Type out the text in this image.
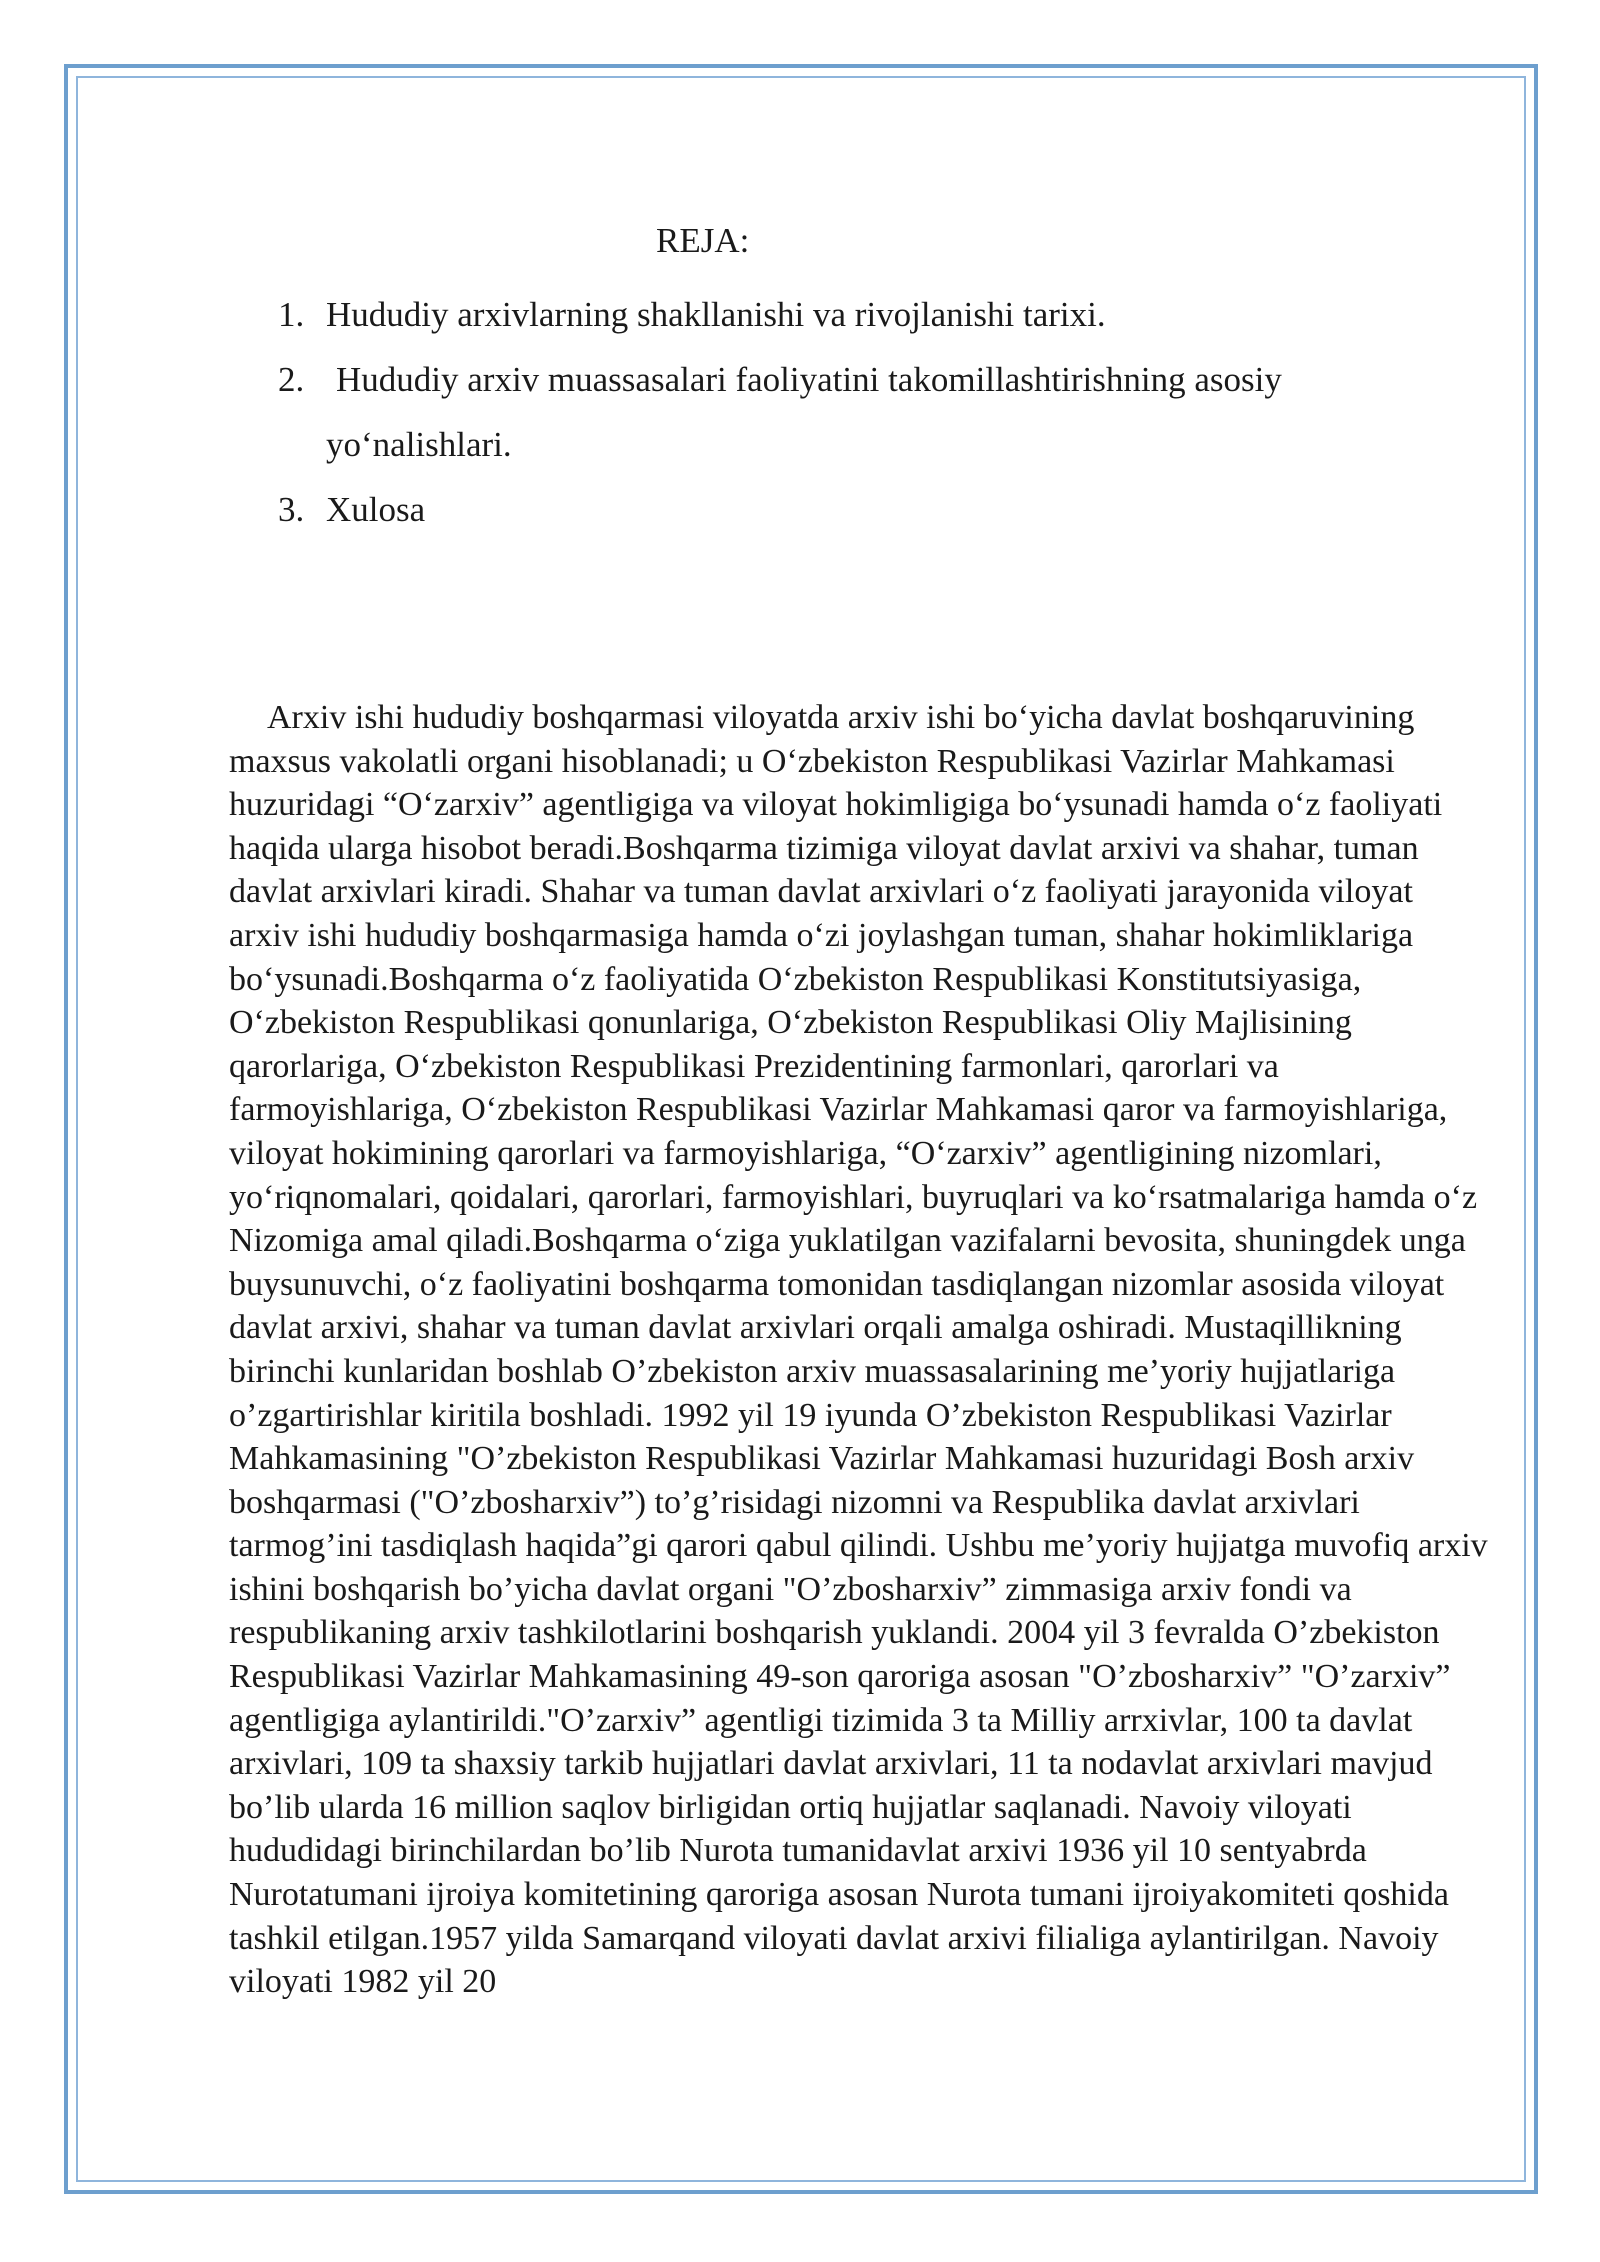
REJA:
1. Hududiy arxivlarning shakllanishi va rivojlanishi tarixi.
2. Hududiy arxiv muassasalari faoliyatini takomillashtirishning asosiy yo‘nalishlari.
3. Xulosa

Arxiv ishi hududiy boshqarmasi viloyatda arxiv ishi bo‘yicha davlat boshqaruvining maxsus vakolatli organi hisoblanadi; u O‘zbekiston Respublikasi Vazirlar Mahkamasi huzuridagi “O‘zarxiv” agentligiga va viloyat hokimligiga bo‘ysunadi hamda o‘z faoliyati haqida ularga hisobot beradi.Boshqarma tizimiga viloyat davlat arxivi va shahar, tuman davlat arxivlari kiradi. Shahar va tuman davlat arxivlari o‘z faoliyati jarayonida viloyat arxiv ishi hududiy boshqarmasiga hamda o‘zi joylashgan tuman, shahar hokimliklariga bo‘ysunadi.Boshqarma o‘z faoliyatida O‘zbekiston Respublikasi Konstitutsiyasiga, O‘zbekiston Respublikasi qonunlariga, O‘zbekiston Respublikasi Oliy Majlisining qarorlariga, O‘zbekiston Respublikasi Prezidentining farmonlari, qarorlari va farmoyishlariga, O‘zbekiston Respublikasi Vazirlar Mahkamasi qaror va farmoyishlariga, viloyat hokimining qarorlari va farmoyishlariga, “O‘zarxiv” agentligining nizomlari, yo‘riqnomalari, qoidalari, qarorlari, farmoyishlari, buyruqlari va ko‘rsatmalariga hamda o‘z Nizomiga amal qiladi.Boshqarma o‘ziga yuklatilgan vazifalarni bevosita, shuningdek unga buysunuvchi, o‘z faoliyatini boshqarma tomonidan tasdiqlangan nizomlar asosida viloyat davlat arxivi, shahar va tuman davlat arxivlari orqali amalga oshiradi. Mustaqillikning birinchi kunlaridan boshlab O’zbekiston arxiv muassasalarining me’yoriy hujjatlariga o’zgartirishlar kiritila boshladi. 1992 yil 19 iyunda O’zbekiston Respublikasi Vazirlar Mahkamasining "O’zbekiston Respublikasi Vazirlar Mahkamasi huzuridagi Bosh arxiv boshqarmasi ("O’zbosharxiv”) to’g’risidagi nizomni va Respublika davlat arxivlari tarmog’ini tasdiqlash haqida”gi qarori qabul qilindi. Ushbu me’yoriy hujjatga muvofiq arxiv ishini boshqarish bo’yicha davlat organi "O’zbosharxiv” zimmasiga arxiv fondi va respublikaning arxiv tashkilotlarini boshqarish yuklandi. 2004 yil 3 fevralda O’zbekiston Respublikasi Vazirlar Mahkamasining 49-son qaroriga asosan "O’zbosharxiv” "O’zarxiv” agentligiga aylantirildi."O’zarxiv” agentligi tizimida 3 ta Milliy arrxivlar, 100 ta davlat arxivlari, 109 ta shaxsiy tarkib hujjatlari davlat arxivlari, 11 ta nodavlat arxivlari mavjud bo’lib ularda 16 million saqlov birligidan ortiq hujjatlar saqlanadi. Navoiy viloyati hududidagi birinchilardan bo’lib Nurota tumanidavlat arxivi 1936 yil 10 sentyabrda Nurotatumani ijroiya komitetining qaroriga asosan Nurota tumani ijroiyakomiteti qoshida tashkil etilgan.1957 yilda Samarqand viloyati davlat arxivi filialiga aylantirilgan. Navoiy viloyati 1982 yil 20
